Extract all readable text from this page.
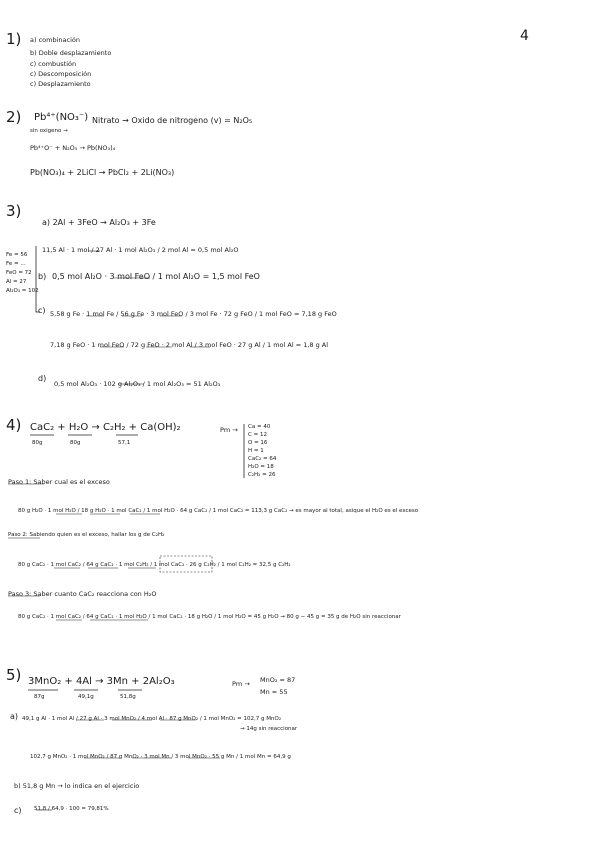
4
1) a) combinación
b) Doble desplazamiento
c) combustión
c) Descomposición
c) Desplazamiento
2) Pb⁴⁺(NO₃⁻) Nitrato → Oxido de nitrogeno (v) = N₂O₅
sin oxigeno →
Pb⁴⁺O⁻ + N₂O₅ → Pb(NO₃)₄
Pb(NO₃)₄ + 2LiCl → PbCl₂ + 2Li(NO₃)
3)
a) 2Al + 3FeO → Al₂O₃ + 3Fe
Fe = 56
Fe = ...
FeO = 72
Al = 27
Al₂O₃ = 102
11,5 Al · 1 mol / 27 Al · 1 mol Al₂O₃ / 2 mol Al = 0,5 mol Al₂O
b) 0,5 mol Al₂O · 3 mol FeO / 1 mol Al₂O = 1,5 mol FeO
c) 5,58 g Fe · 1 mol Fe / 56 g Fe · 3 mol FeO / 3 mol Fe · 72 g FeO / 1 mol FeO = 7,18 g FeO
7,18 g FeO · 1 mol FeO / 72 g FeO · 2 mol Al / 3 mol FeO · 27 g Al / 1 mol Al = 1,8 g Al
d)
0,5 mol Al₂O₃ · 102 g Al₂O₃ / 1 mol Al₂O₃ = 51 Al₂O₃
4) CaC₂ + H₂O → C₂H₂ + Ca(OH)₂
80g	80g	57,1
Pm → Ca = 40
C = 12
O = 16
H = 1
CaC₂ = 64
H₂O = 18
C₂H₂ = 26
Paso 1: Saber cual es el exceso
80 g H₂O · 1 mol H₂O / 18 g H₂O · 1 mol CaC₂ / 1 mol H₂O · 64 g CaC₂ / 1 mol CaC₂ = 113,3 g CaC₂ → es mayor al total, asique el H₂O es el exceso
Paso 2: Sabiendo quien es el exceso, hallar los g de C₂H₂
80 g CaC₂ · 1 mol CaC₂ / 64 g CaC₂ · 1 mol C₂H₂ / 1 mol CaC₂ · 26 g C₂H₂ / 1 mol C₂H₂ = 32,5 g C₂H₂
Paso 3: Saber cuanto CaC₂ reacciona con H₂O
80 g CaC₂ · 1 mol CaC₂ / 64 g CaC₂ · 1 mol H₂O / 1 mol CaC₂ · 18 g H₂O / 1 mol H₂O = 45 g H₂O → 80 g − 45 g = 35 g de H₂O sin reaccionar
5) 3MnO₂ + 4Al → 3Mn + 2Al₂O₃
87g	49,1g	51,8g
Pm → MnO₂ = 87
Mn = 55
a) 49,1 g Al · 1 mol Al / 27 g Al · 3 mol MnO₂ / 4 mol Al · 87 g MnO₂ / 1 mol MnO₂ = 102,7 g MnO₂
→ 14g sin reaccionar
102,7 g MnO₂ · 1 mol MnO₂ / 87 g MnO₂ · 3 mol Mn / 3 mol MnO₂ · 55 g Mn / 1 mol Mn = 64,9 g
b) 51,8 g Mn → lo indica en el ejercicio
c) 51,8 / 64,9 · 100 = 79,81%
